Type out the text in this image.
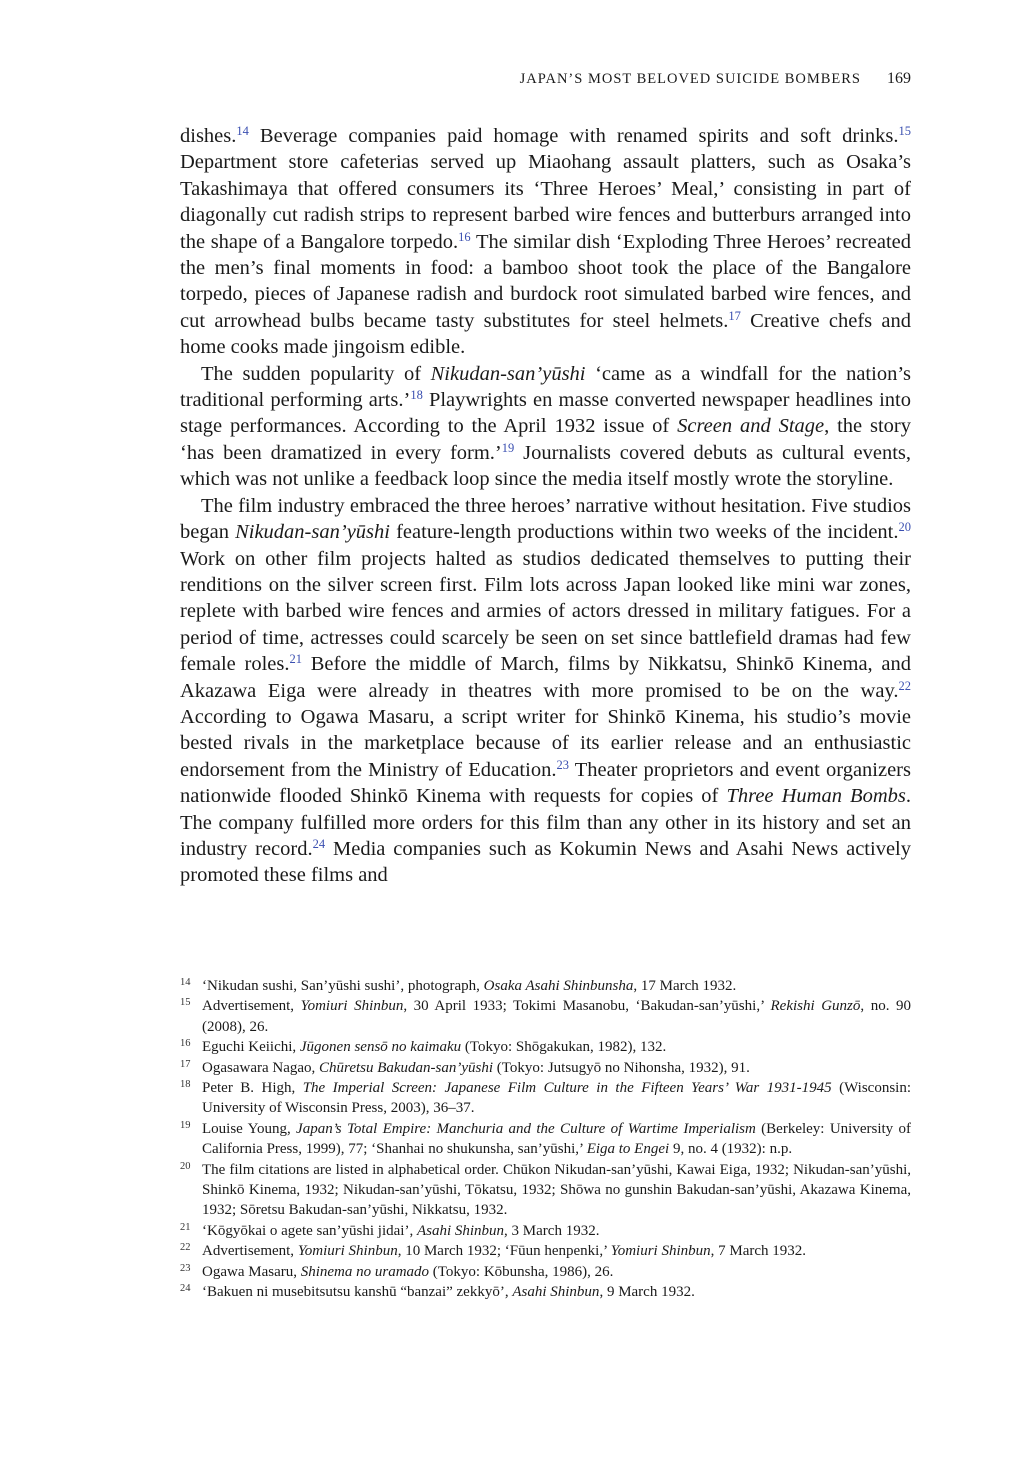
JAPAN’S MOST BELOVED SUICIDE BOMBERS 169

dishes.$^{14}$ Beverage companies paid homage with renamed spirits and soft drinks.$^{15}$ Department store cafeterias served up Miaohang assault platters, such as Osaka’s Takashimaya that offered consumers its ‘Three Heroes’ Meal,’ consisting in part of diagonally cut radish strips to represent barbed wire fences and butterburs arranged into the shape of a Bangalore torpedo.$^{16}$ The similar dish ‘Exploding Three Heroes’ recreated the men’s final moments in food: a bamboo shoot took the place of the Bangalore torpedo, pieces of Japanese radish and burdock root simulated barbed wire fences, and cut arrowhead bulbs became tasty substitutes for steel helmets.$^{17}$ Creative chefs and home cooks made jingoism edible.

The sudden popularity of Nikudan-san’yūshi ‘came as a windfall for the nation’s traditional performing arts.’$^{18}$ Playwrights en masse converted newspaper headlines into stage performances. According to the April 1932 issue of Screen and Stage, the story ‘has been dramatized in every form.’$^{19}$ Journalists covered debuts as cultural events, which was not unlike a feedback loop since the media itself mostly wrote the storyline.

The film industry embraced the three heroes’ narrative without hesitation. Five studios began Nikudan-san’yūshi feature-length productions within two weeks of the incident.$^{20}$ Work on other film projects halted as studios dedicated themselves to putting their renditions on the silver screen first. Film lots across Japan looked like mini war zones, replete with barbed wire fences and armies of actors dressed in military fatigues. For a period of time, actresses could scarcely be seen on set since battlefield dramas had few female roles.$^{21}$ Before the middle of March, films by Nikkatsu, Shinkō Kinema, and Akazawa Eiga were already in theatres with more promised to be on the way.$^{22}$ According to Ogawa Masaru, a script writer for Shinkō Kinema, his studio’s movie bested rivals in the marketplace because of its earlier release and an enthusiastic endorsement from the Ministry of Education.$^{23}$ Theater proprietors and event organizers nationwide flooded Shinkō Kinema with requests for copies of Three Human Bombs. The company fulfilled more orders for this film than any other in its history and set an industry record.$^{24}$ Media companies such as Kokumin News and Asahi News actively promoted these films and

14 ‘Nikudan sushi, San’yūshi sushi’, photograph, Osaka Asahi Shinbunsha, 17 March 1932.
15 Advertisement, Yomiuri Shinbun, 30 April 1933; Tokimi Masanobu, ‘Bakudan-san’yūshi,’ Rekishi Gunzō, no. 90 (2008), 26.
16 Eguchi Keiichi, Jūgonen sensō no kaimaku (Tokyo: Shōgakukan, 1982), 132.
17 Ogasawara Nagao, Chūretsu Bakudan-san’yūshi (Tokyo: Jutsugyō no Nihonsha, 1932), 91.
18 Peter B. High, The Imperial Screen: Japanese Film Culture in the Fifteen Years’ War 1931-1945 (Wisconsin: University of Wisconsin Press, 2003), 36–37.
19 Louise Young, Japan’s Total Empire: Manchuria and the Culture of Wartime Imperialism (Berkeley: University of California Press, 1999), 77; ‘Shanhai no shukunsha, san’yūshi,’ Eiga to Engei 9, no. 4 (1932): n.p.
20 The film citations are listed in alphabetical order. Chūkon Nikudan-san’yūshi, Kawai Eiga, 1932; Nikudan-san’yūshi, Shinkō Kinema, 1932; Nikudan-san’yūshi, Tōkatsu, 1932; Shōwa no gunshin Bakudan-san’yūshi, Akazawa Kinema, 1932; Sōretsu Bakudan-san’yūshi, Nikkatsu, 1932.
21 ‘Kōgyōkai o agete san’yūshi jidai’, Asahi Shinbun, 3 March 1932.
22 Advertisement, Yomiuri Shinbun, 10 March 1932; ‘Fūun henpenki,’ Yomiuri Shinbun, 7 March 1932.
23 Ogawa Masaru, Shinema no uramado (Tokyo: Kōbunsha, 1986), 26.
24 ‘Bakuen ni musebitsutsu kanshū “banzai” zekkyō’, Asahi Shinbun, 9 March 1932.
